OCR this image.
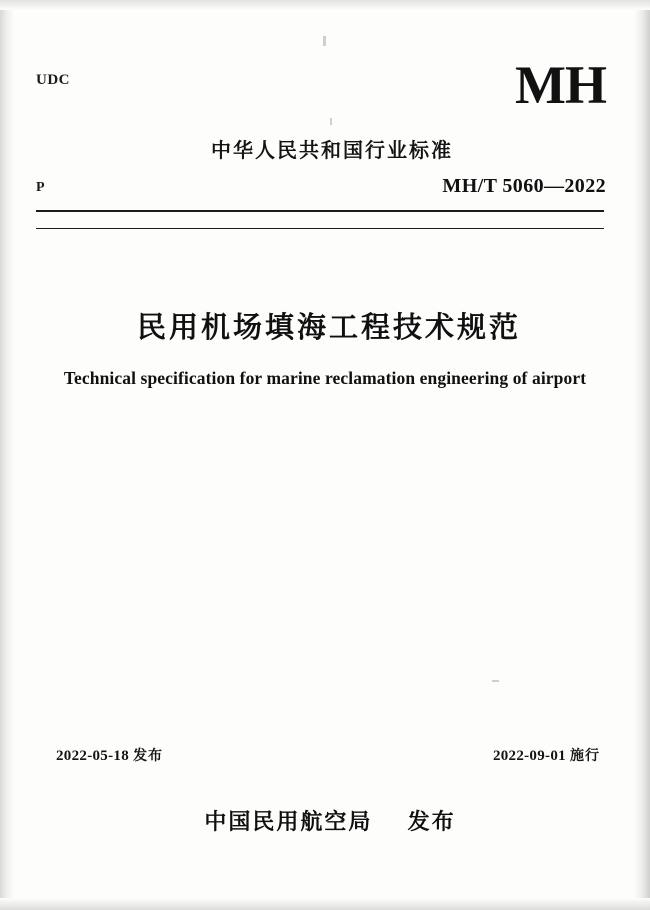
UDC	MH
中华人民共和国行业标准
P	MH/T 5060—2022
民用机场填海工程技术规范
Technical specification for marine reclamation engineering of airport
2022-05-18 发布	2022-09-01 施行
中国民用航空局 发布
